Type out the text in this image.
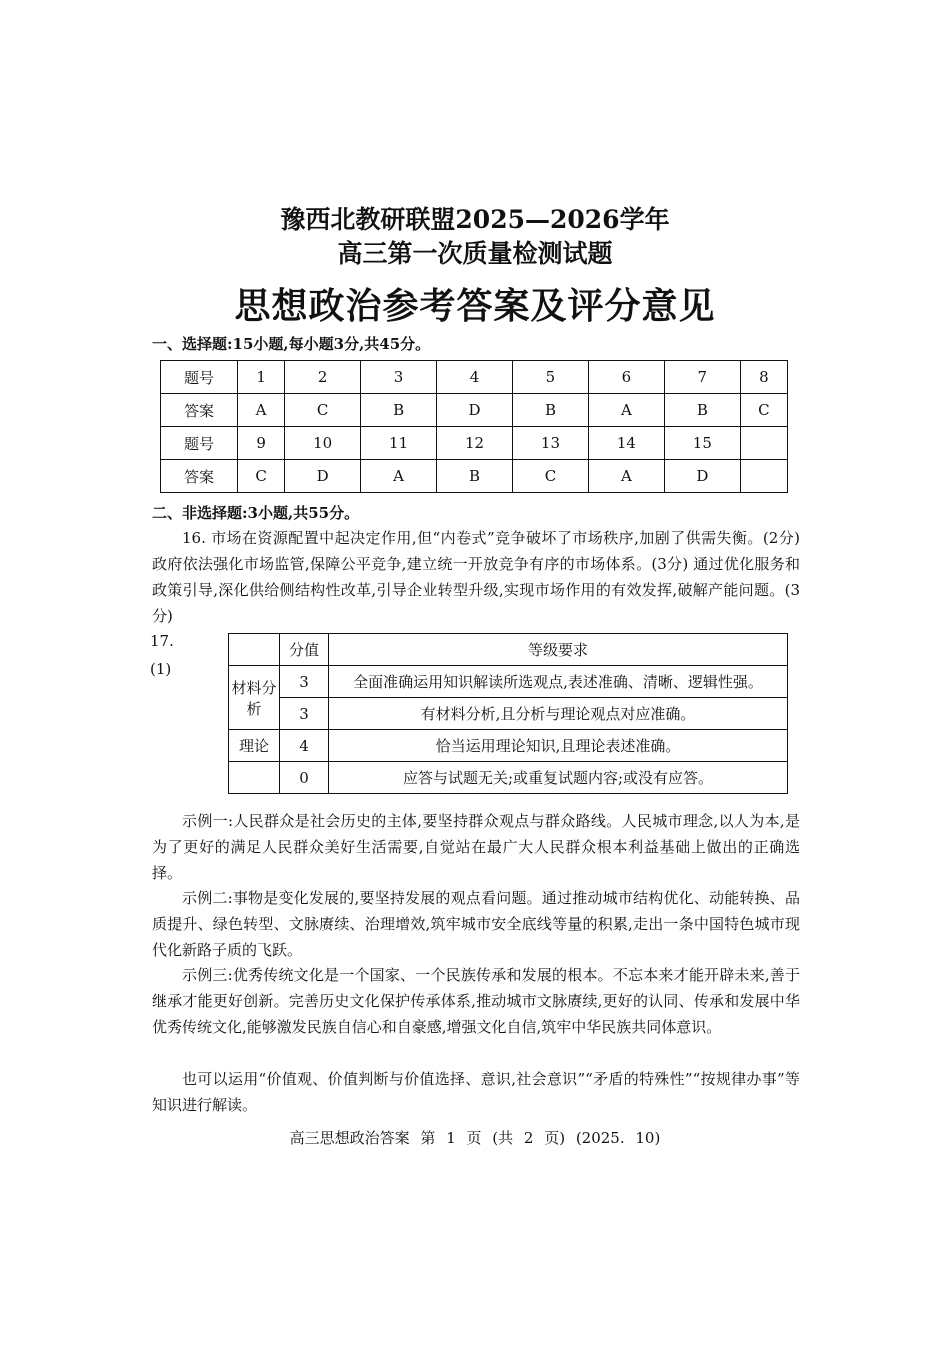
豫西北教研联盟2025—2026学年
高三第一次质量检测试题
思想政治参考答案及评分意见
一、选择题:15小题,每小题3分,共45分。
题号	1	2	3	4	5	6	7	8
答案	A	C	B	D	B	A	B	C
题号	9	10	11	12	13	14	15	
答案	C	D	A	B	C	A	D	
二、非选择题:3小题,共55分。
16. 市场在资源配置中起决定作用,但“内卷式”竞争破坏了市场秩序,加剧了供需失衡。(2分) 政府依法强化市场监管,保障公平竞争,建立统一开放竞争有序的市场体系。(3分) 通过优化服务和政策引导,深化供给侧结构性改革,引导企业转型升级,实现市场作用的有效发挥,破解产能问题。(3分)
17.
(1)
	分值	等级要求
材料分析	3	全面准确运用知识解读所选观点,表述准确、清晰、逻辑性强。
	3	有材料分析,且分析与理论观点对应准确。
理论	4	恰当运用理论知识,且理论表述准确。
	0	应答与试题无关;或重复试题内容;或没有应答。
示例一:人民群众是社会历史的主体,要坚持群众观点与群众路线。人民城市理念,以人为本,是为了更好的满足人民群众美好生活需要,自觉站在最广大人民群众根本利益基础上做出的正确选择。
示例二:事物是变化发展的,要坚持发展的观点看问题。通过推动城市结构优化、动能转换、品质提升、绿色转型、文脉赓续、治理增效,筑牢城市安全底线等量的积累,走出一条中国特色城市现代化新路子质的飞跃。
示例三:优秀传统文化是一个国家、一个民族传承和发展的根本。不忘本来才能开辟未来,善于继承才能更好创新。完善历史文化保护传承体系,推动城市文脉赓续,更好的认同、传承和发展中华优秀传统文化,能够激发民族自信心和自豪感,增强文化自信,筑牢中华民族共同体意识。
也可以运用“价值观、价值判断与价值选择、意识,社会意识”“矛盾的特殊性”“按规律办事”等知识进行解读。
高三思想政治答案 第 1 页 (共 2 页) (2025. 10)
